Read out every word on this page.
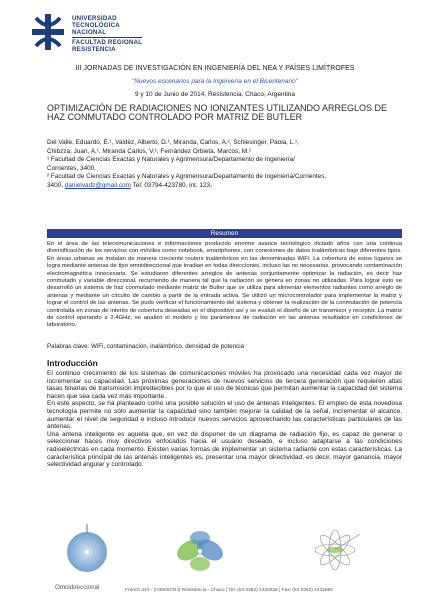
UNIVERSIDAD
TECNOLÓGICA
NACIONAL
FACULTAD REGIONAL
RESISTENCIA
III JORNADAS DE INVESTIGACIÓN EN INGENIERÍA DEL NEA Y PAÍSES LIMÍTROFES
"Nuevos escenarios para la Ingeniería en el Bicentenario"
9 y 10 de Junio de 2014, Resistencia, Chaco, Argentina
OPTIMIZACIÓN DE RADIACIONES NO IONIZANTES UTILIZANDO ARREGLOS DE HAZ CONMUTADO CONTROLADO POR MATRIZ DE BUTLER
Del Valle, Eduardo, E.¹, Valdéz, Alberto, D.¹, Miranda, Carlos, A.², Schlesinger, Paola, L.¹,
Chibzza, Juan, A.¹, Miranda Carlos, V.¹, Fernández Orbieta, Marcos, M.¹
¹ Facultad de Ciencias Exactas y Naturales y Agrimensura/Departamento de Ingeniería/
Corrientes, 3400.
² Facultad de Ciencias Exactas y Naturales y Agrimensura/Departamento de Ingeniería/Corrientes,
3400, danielvadz@gmail.com Tel: 03794-423780, int. 123.
Resumen
En el área de las telecomunicaciones e informaciones producido enorme avance tecnológico dictado años con una continua diversificación de los servicios con móviles como notebook, smartphones, con conexiones de datos inalámbricas bajo diferentes tipos. En áreas urbanas se instalan de manera creciente routers inalámbricos en las denominadas WiFi. La cobertura de estos lugares se logra mediante antenas de tipo omnidireccional que irradian en todas direcciones, incluso las no necesarias, provocando contaminación electromagnética innecesaria. Se estudiaron diferentes arreglos de antenas conjuntamente optimizar la radiación, es decir haz conmutado y variable direccional, recurriendo de manera tal que la radiación se genera en zonas no utilizadas. Para lograr esto se desarrolló un sistema de haz conmutado mediante matriz de Butler que se utiliza para alimentar elementos radiantes como arreglo de antenas y mediante un circuito de cambio a partir de la entrada activa. Se utilizó un microcontrolador para implementar la matriz y lograr el control de las antenas. Se pudo verificar el funcionamiento del sistema y obtener la realización de la conmutación de potencia controlada en zonas de interés de cobertura deseadas en el dispositivo así y se evaluó el diseño de un transmisor y receptor. La matriz de control operando a 2.4GHz, se analizó el modelo y los parámetros de radiación en las antenas resultados en condiciones de laboratorio.
Palabras clave: WiFi, contaminación, inalámbrico, densidad de potencia
Introducción
El continuo crecimiento de los sistemas de comunicaciones móviles ha provocado una necesidad cada vez mayor de incrementar su capacidad. Las próximas generaciones de nuevos servicios de tercera generación que requieren altas tasas binarias de transmisión impredecibles por lo que el uso de técnicas que permitan aumentar la capacidad del sistema hacen que sea cada vez más importante.
En este aspecto, se ha planteado como una posible solución el uso de antenas inteligentes. El empleo de esta novedosa tecnología permite no sólo aumentar la capacidad sino también mejorar la calidad de la señal, incrementar el alcance, aumentar el nivel de seguridad e incluso introducir nuevos servicios aprovechando las características particulares de las antenas.
Una antena inteligente es aquella que, en vez de disponer de un diagrama de radiación fijo, es capaz de generar o seleccionar haces muy directivos enfocados hacia el usuario deseado, e incluso adaptarse a las condiciones radioeléctricas en cada momento. Existen varias formas de implementar un sistema radiante con estas características. La característica principal de las antenas inteligentes es, presentar una mayor directividad, es decir, mayor ganancia, mayor selectividad angular y controlado.
Omnidireccional	French 414 - (H3500CHJ) Resistencia - Chaco | Tel: (54 0362) 4432928 | Fax: (54 0362) 4432683
